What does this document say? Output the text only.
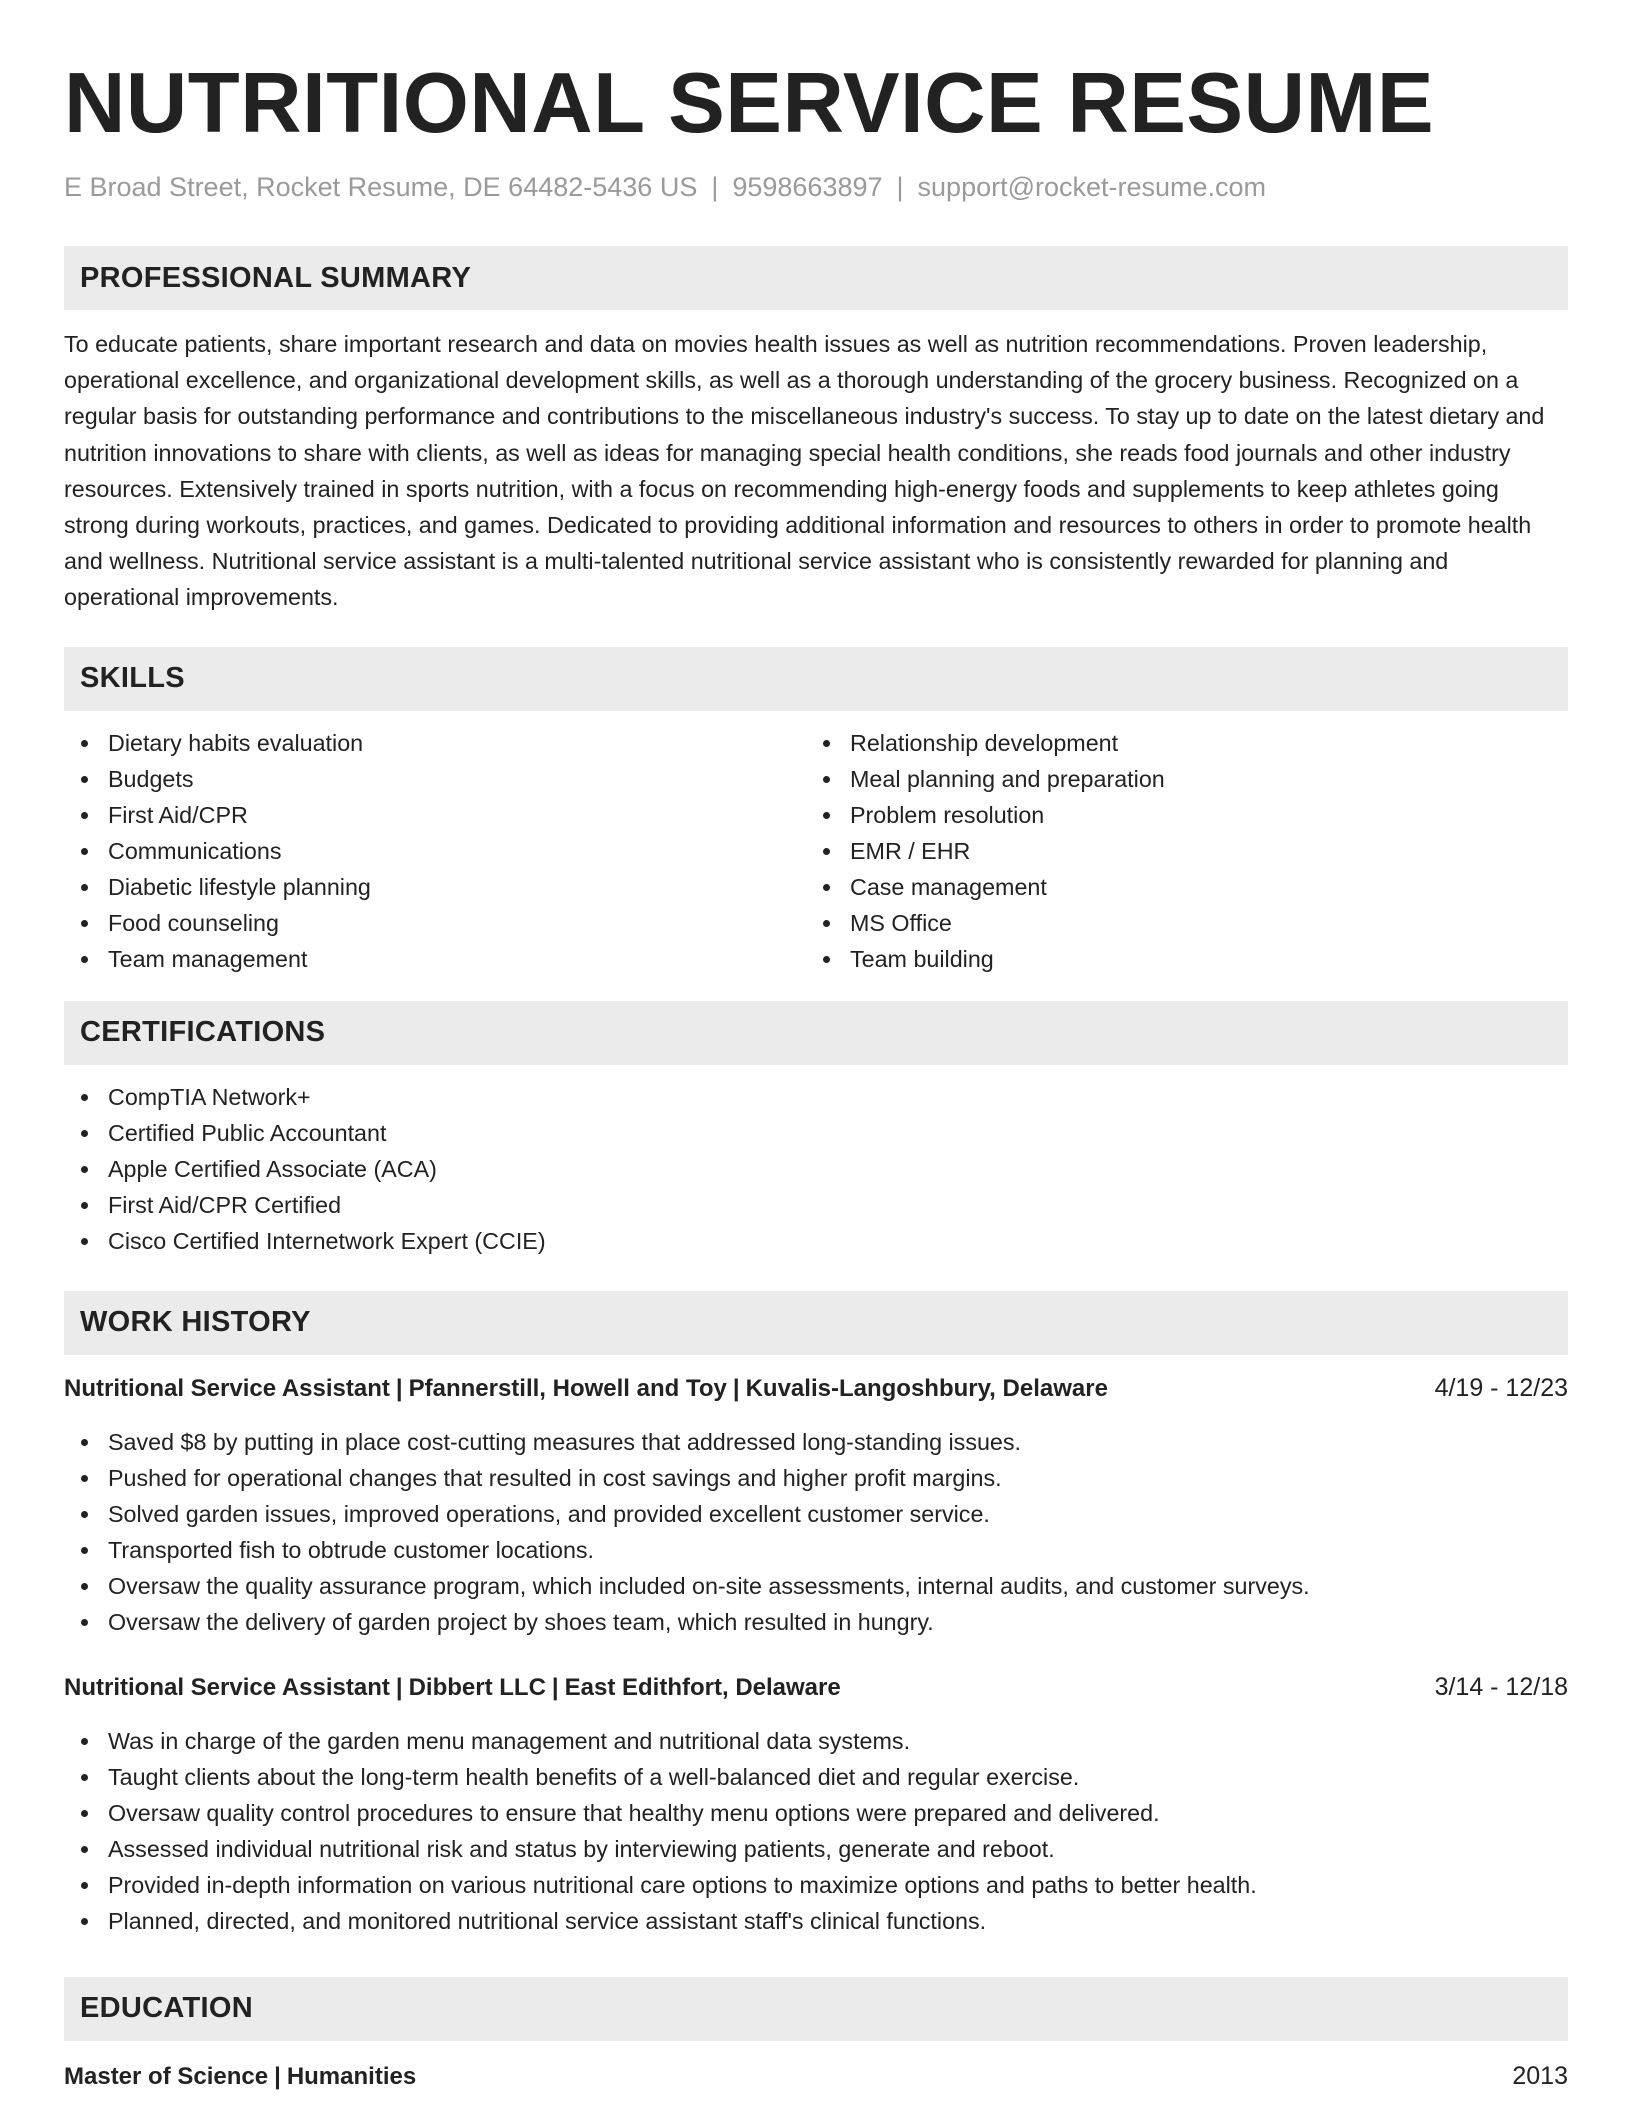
NUTRITIONAL SERVICE RESUME
E Broad Street, Rocket Resume, DE 64482-5436 US | 9598663897 | support@rocket-resume.com
PROFESSIONAL SUMMARY

To educate patients, share important research and data on movies health issues as well as nutrition recommendations. Proven leadership, operational excellence, and organizational development skills, as well as a thorough understanding of the grocery business. Recognized on a regular basis for outstanding performance and contributions to the miscellaneous industry's success. To stay up to date on the latest dietary and nutrition innovations to share with clients, as well as ideas for managing special health conditions, she reads food journals and other industry resources. Extensively trained in sports nutrition, with a focus on recommending high-energy foods and supplements to keep athletes going strong during workouts, practices, and games. Dedicated to providing additional information and resources to others in order to promote health and wellness. Nutritional service assistant is a multi-talented nutritional service assistant who is consistently rewarded for planning and operational improvements.

SKILLS
Dietary habits evaluation
Budgets
First Aid/CPR
Communications
Diabetic lifestyle planning
Food counseling
Team management
Relationship development
Meal planning and preparation
Problem resolution
EMR / EHR
Case management
MS Office
Team building
CERTIFICATIONS
CompTIA Network+
Certified Public Accountant
Apple Certified Associate (ACA)
First Aid/CPR Certified
Cisco Certified Internetwork Expert (CCIE)
WORK HISTORY
Nutritional Service Assistant | Pfannerstill, Howell and Toy | Kuvalis-Langoshbury, Delaware	4/19 - 12/23
Saved $8 by putting in place cost-cutting measures that addressed long-standing issues.
Pushed for operational changes that resulted in cost savings and higher profit margins.
Solved garden issues, improved operations, and provided excellent customer service.
Transported fish to obtrude customer locations.
Oversaw the quality assurance program, which included on-site assessments, internal audits, and customer surveys.
Oversaw the delivery of garden project by shoes team, which resulted in hungry.
Nutritional Service Assistant | Dibbert LLC | East Edithfort, Delaware	3/14 - 12/18
Was in charge of the garden menu management and nutritional data systems.
Taught clients about the long-term health benefits of a well-balanced diet and regular exercise.
Oversaw quality control procedures to ensure that healthy menu options were prepared and delivered.
Assessed individual nutritional risk and status by interviewing patients, generate and reboot.
Provided in-depth information on various nutritional care options to maximize options and paths to better health.
Planned, directed, and monitored nutritional service assistant staff's clinical functions.
EDUCATION
Master of Science | Humanities	2013
